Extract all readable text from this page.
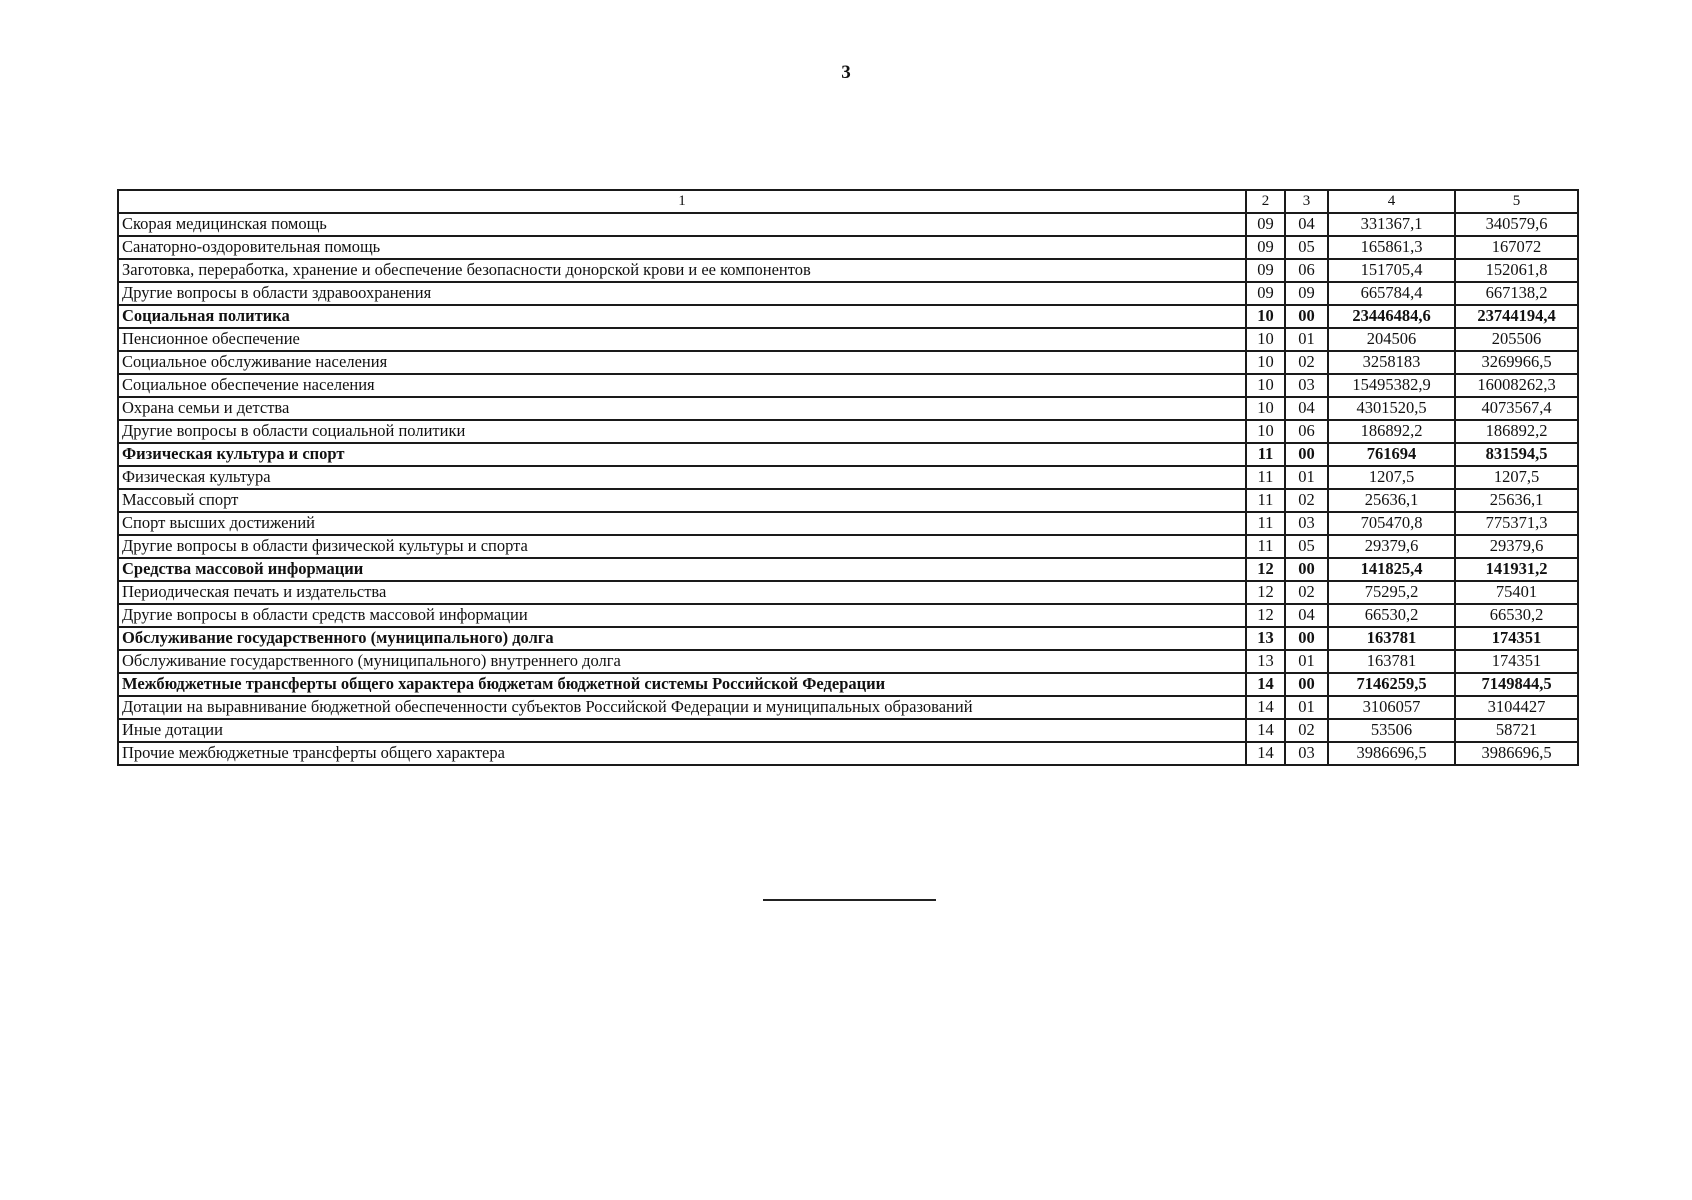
3
1	2	3	4	5
Скорая медицинская помощь	09	04	331367,1	340579,6
Санаторно-оздоровительная помощь	09	05	165861,3	167072
Заготовка, переработка, хранение и обеспечение безопасности донорской крови и ее компонентов	09	06	151705,4	152061,8
Другие вопросы в области здравоохранения	09	09	665784,4	667138,2
Социальная политика	10	00	23446484,6	23744194,4
Пенсионное обеспечение	10	01	204506	205506
Социальное обслуживание населения	10	02	3258183	3269966,5
Социальное обеспечение населения	10	03	15495382,9	16008262,3
Охрана семьи и детства	10	04	4301520,5	4073567,4
Другие вопросы в области социальной политики	10	06	186892,2	186892,2
Физическая культура и спорт	11	00	761694	831594,5
Физическая культура	11	01	1207,5	1207,5
Массовый спорт	11	02	25636,1	25636,1
Спорт высших достижений	11	03	705470,8	775371,3
Другие вопросы в области физической культуры и спорта	11	05	29379,6	29379,6
Средства массовой информации	12	00	141825,4	141931,2
Периодическая печать и издательства	12	02	75295,2	75401
Другие вопросы в области средств массовой информации	12	04	66530,2	66530,2
Обслуживание государственного (муниципального) долга	13	00	163781	174351
Обслуживание государственного (муниципального) внутреннего долга	13	01	163781	174351
Межбюджетные трансферты общего характера бюджетам бюджетной системы Российской Федерации	14	00	7146259,5	7149844,5
Дотации на выравнивание бюджетной обеспеченности субъектов Российской Федерации и муниципальных образований	14	01	3106057	3104427
Иные дотации	14	02	53506	58721
Прочие межбюджетные трансферты общего характера	14	03	3986696,5	3986696,5
